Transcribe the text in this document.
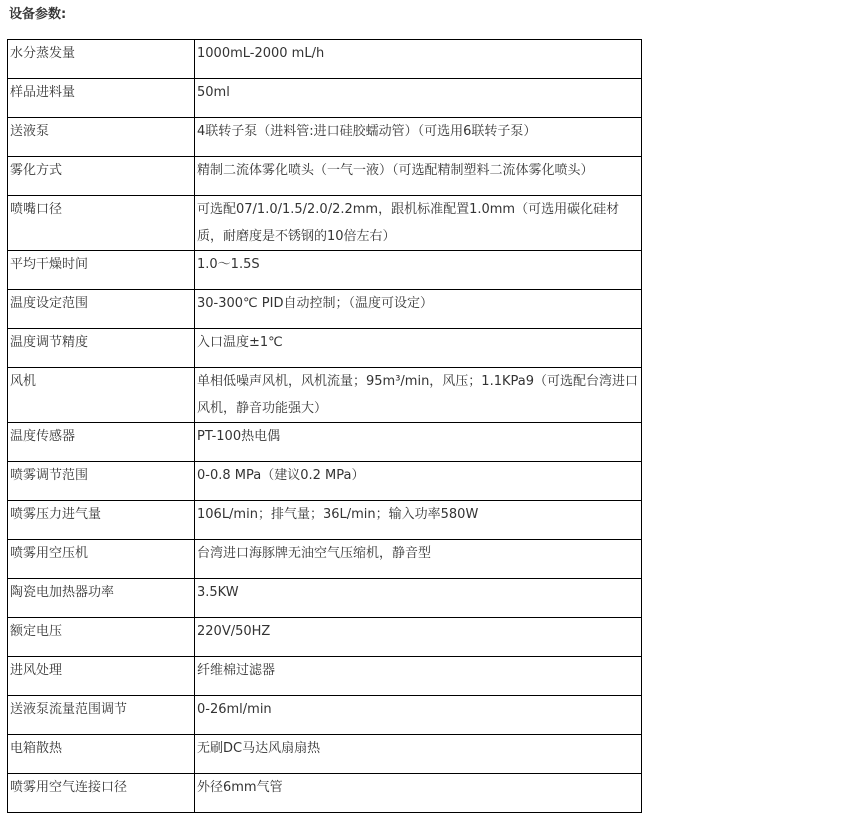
设备参数:
水分蒸发量	1000mL-2000 mL/h
样品进料量	50ml
送液泵	4联转子泵（进料管:进口硅胶蠕动管）（可选用6联转子泵）
雾化方式	精制二流体雾化喷头（一气一液）（可选配精制塑料二流体雾化喷头）
喷嘴口径	可选配07/1.0/1.5/2.0/2.2mm，跟机标准配置1.0mm（可选用碳化硅材质，耐磨度是不锈钢的10倍左右）
平均干燥时间	1.0～1.5S
温度设定范围	30-300℃ PID自动控制；（温度可设定）
温度调节精度	入口温度±1℃
风机	单相低噪声风机，风机流量；95m³/min，风压；1.1KPa9（可选配台湾进口风机，静音功能强大）
温度传感器	PT-100热电偶
喷雾调节范围	0-0.8 MPa（建议0.2 MPa）
喷雾压力进气量	106L/min；排气量；36L/min；输入功率580W
喷雾用空压机	台湾进口海豚牌无油空气压缩机，静音型
陶瓷电加热器功率	3.5KW
额定电压	220V/50HZ
进风处理	纤维棉过滤器
送液泵流量范围调节	0-26ml/min
电箱散热	无刷DC马达风扇扇热
喷雾用空气连接口径	外径6mm气管
